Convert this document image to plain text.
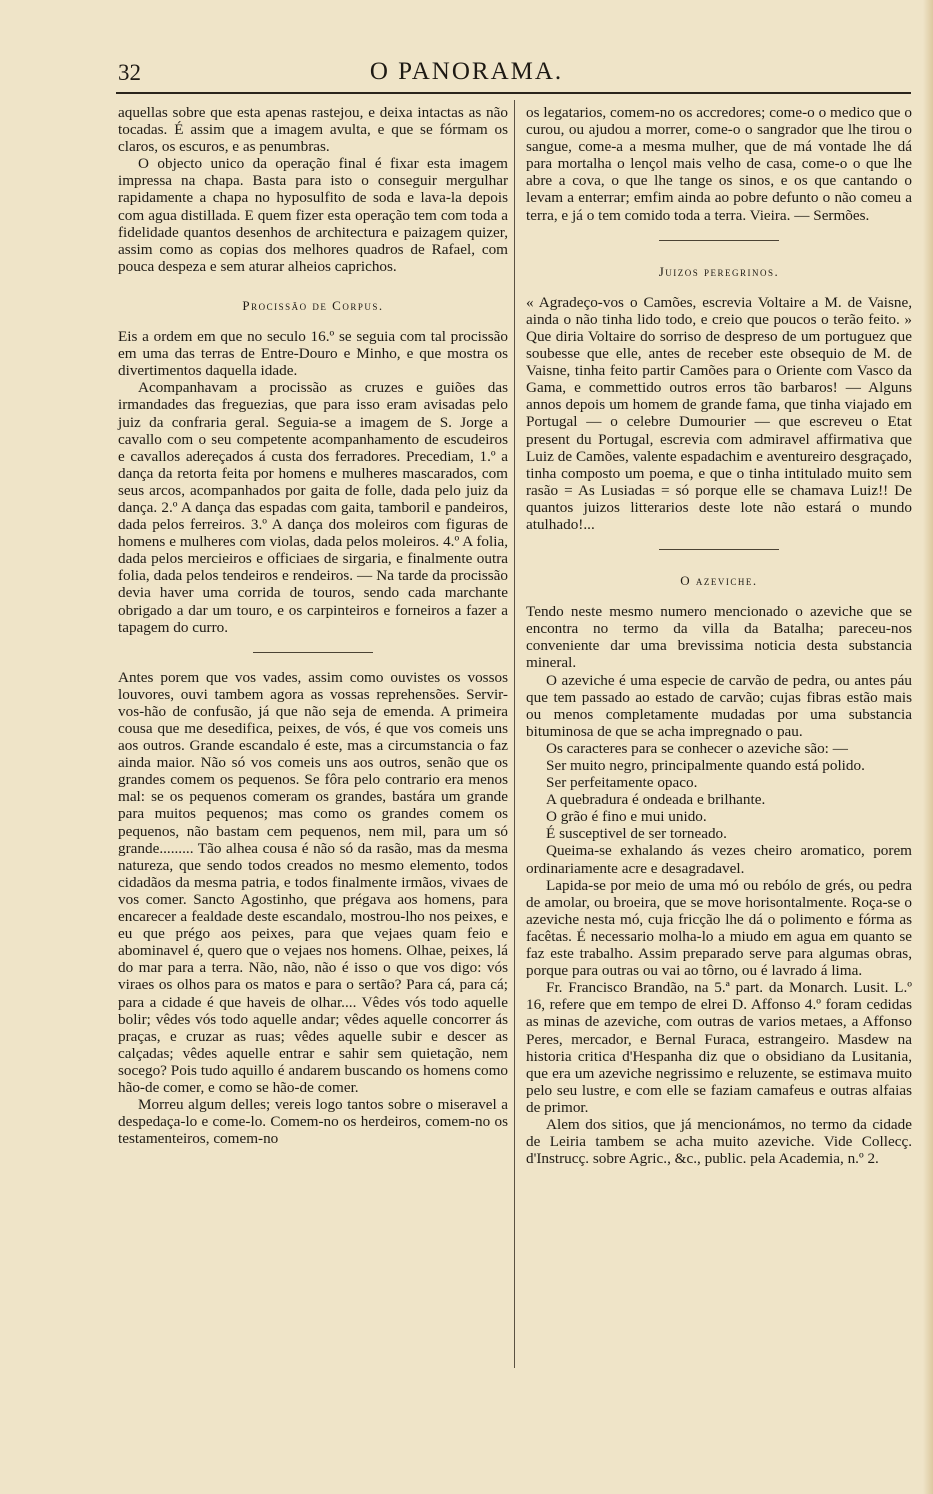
32	O PANORAMA.

aquellas sobre que esta apenas rastejou, e deixa intactas as não tocadas. É assim que a imagem avulta, e que se fórmam os claros, os escuros, e as penumbras.

O objecto unico da operação final é fixar esta imagem impressa na chapa. Basta para isto o conseguir mergulhar rapidamente a chapa no hyposulfito de soda e lava-la depois com agua distillada. E quem fizer esta operação tem com toda a fidelidade quantos desenhos de architectura e paizagem quizer, assim como as copias dos melhores quadros de Rafael, com pouca despeza e sem aturar alheios caprichos.

Procissão de Corpus.

Eis a ordem em que no seculo 16.º se seguia com tal procissão em uma das terras de Entre-Douro e Minho, e que mostra os divertimentos daquella idade.

Acompanhavam a procissão as cruzes e guiões das irmandades das freguezias, que para isso eram avisadas pelo juiz da confraria geral. Seguia-se a imagem de S. Jorge a cavallo com o seu competente acompanhamento de escudeiros e cavallos adereçados á custa dos ferradores. Precediam, 1.º a dança da retorta feita por homens e mulheres mascarados, com seus arcos, acompanhados por gaita de folle, dada pelo juiz da dança. 2.º A dança das espadas com gaita, tamboril e pandeiros, dada pelos ferreiros. 3.º A dança dos moleiros com figuras de homens e mulheres com violas, dada pelos moleiros. 4.º A folia, dada pelos mercieiros e officiaes de sirgaria, e finalmente outra folia, dada pelos tendeiros e rendeiros. — Na tarde da procissão devia haver uma corrida de touros, sendo cada marchante obrigado a dar um touro, e os carpinteiros e forneiros a fazer a tapagem do curro.

Antes porem que vos vades, assim como ouvistes os vossos louvores, ouvi tambem agora as vossas reprehensões. Servir-vos-hão de confusão, já que não seja de emenda. A primeira cousa que me desedifica, peixes, de vós, é que vos comeis uns aos outros. Grande escandalo é este, mas a circumstancia o faz ainda maior. Não só vos comeis uns aos outros, senão que os grandes comem os pequenos. Se fôra pelo contrario era menos mal: se os pequenos comeram os grandes, bastára um grande para muitos pequenos; mas como os grandes comem os pequenos, não bastam cem pequenos, nem mil, para um só grande......... Tão alhea cousa é não só da rasão, mas da mesma natureza, que sendo todos creados no mesmo elemento, todos cidadãos da mesma patria, e todos finalmente irmãos, vivaes de vos comer. Sancto Agostinho, que prégava aos homens, para encarecer a fealdade deste escandalo, mostrou-lho nos peixes, e eu que prégo aos peixes, para que vejaes quam feio e abominavel é, quero que o vejaes nos homens. Olhae, peixes, lá do mar para a terra. Não, não, não é isso o que vos digo: vós viraes os olhos para os matos e para o sertão? Para cá, para cá; para a cidade é que haveis de olhar.... Vêdes vós todo aquelle bolir; vêdes vós todo aquelle andar; vêdes aquelle concorrer ás praças, e cruzar as ruas; vêdes aquelle subir e descer as calçadas; vêdes aquelle entrar e sahir sem quietação, nem socego? Pois tudo aquillo é andarem buscando os homens como hão-de comer, e como se hão-de comer.

Morreu algum delles; vereis logo tantos sobre o miseravel a despedaça-lo e come-lo. Comem-no os herdeiros, comem-no os testamenteiros, comem-no

os legatarios, comem-no os accredores; come-o o medico que o curou, ou ajudou a morrer, come-o o sangrador que lhe tirou o sangue, come-a a mesma mulher, que de má vontade lhe dá para mortalha o lençol mais velho de casa, come-o o que lhe abre a cova, o que lhe tange os sinos, e os que cantando o levam a enterrar; emfim ainda ao pobre defunto o não comeu a terra, e já o tem comido toda a terra. Vieira. — Sermões.

Juizos peregrinos.

« Agradeço-vos o Camões, escrevia Voltaire a M. de Vaisne, ainda o não tinha lido todo, e creio que poucos o terão feito. » Que diria Voltaire do sorriso de despreso de um portuguez que soubesse que elle, antes de receber este obsequio de M. de Vaisne, tinha feito partir Camões para o Oriente com Vasco da Gama, e commettido outros erros tão barbaros! — Alguns annos depois um homem de grande fama, que tinha viajado em Portugal — o celebre Dumourier — que escreveu o Etat present du Portugal, escrevia com admiravel affirmativa que Luiz de Camões, valente espadachim e aventureiro desgraçado, tinha composto um poema, e que o tinha intitulado muito sem rasão = As Lusiadas = só porque elle se chamava Luiz!! De quantos juizos litterarios deste lote não estará o mundo atulhado!...

O azeviche.

Tendo neste mesmo numero mencionado o azeviche que se encontra no termo da villa da Batalha; pareceu-nos conveniente dar uma brevissima noticia desta substancia mineral.

O azeviche é uma especie de carvão de pedra, ou antes páu que tem passado ao estado de carvão; cujas fibras estão mais ou menos completamente mudadas por uma substancia bituminosa de que se acha impregnado o pau.

Os caracteres para se conhecer o azeviche são: —

Ser muito negro, principalmente quando está polido.

Ser perfeitamente opaco.

A quebradura é ondeada e brilhante.

O grão é fino e mui unido.

É susceptivel de ser torneado.

Queima-se exhalando ás vezes cheiro aromatico, porem ordinariamente acre e desagradavel.

Lapida-se por meio de uma mó ou rebólo de grés, ou pedra de amolar, ou broeira, que se move horisontalmente. Roça-se o azeviche nesta mó, cuja fricção lhe dá o polimento e fórma as facêtas. É necessario molha-lo a miudo em agua em quanto se faz este trabalho. Assim preparado serve para algumas obras, porque para outras ou vai ao tôrno, ou é lavrado á lima.

Fr. Francisco Brandão, na 5.ª part. da Monarch. Lusit. L.º 16, refere que em tempo de elrei D. Affonso 4.º foram cedidas as minas de azeviche, com outras de varios metaes, a Affonso Peres, mercador, e Bernal Furaca, estrangeiro. Masdew na historia critica d'Hespanha diz que o obsidiano da Lusitania, que era um azeviche negrissimo e reluzente, se estimava muito pelo seu lustre, e com elle se faziam camafeus e outras alfaias de primor.

Alem dos sitios, que já mencionámos, no termo da cidade de Leiria tambem se acha muito azeviche. Vide Collecç. d'Instrucç. sobre Agric., &c., public. pela Academia, n.º 2.
